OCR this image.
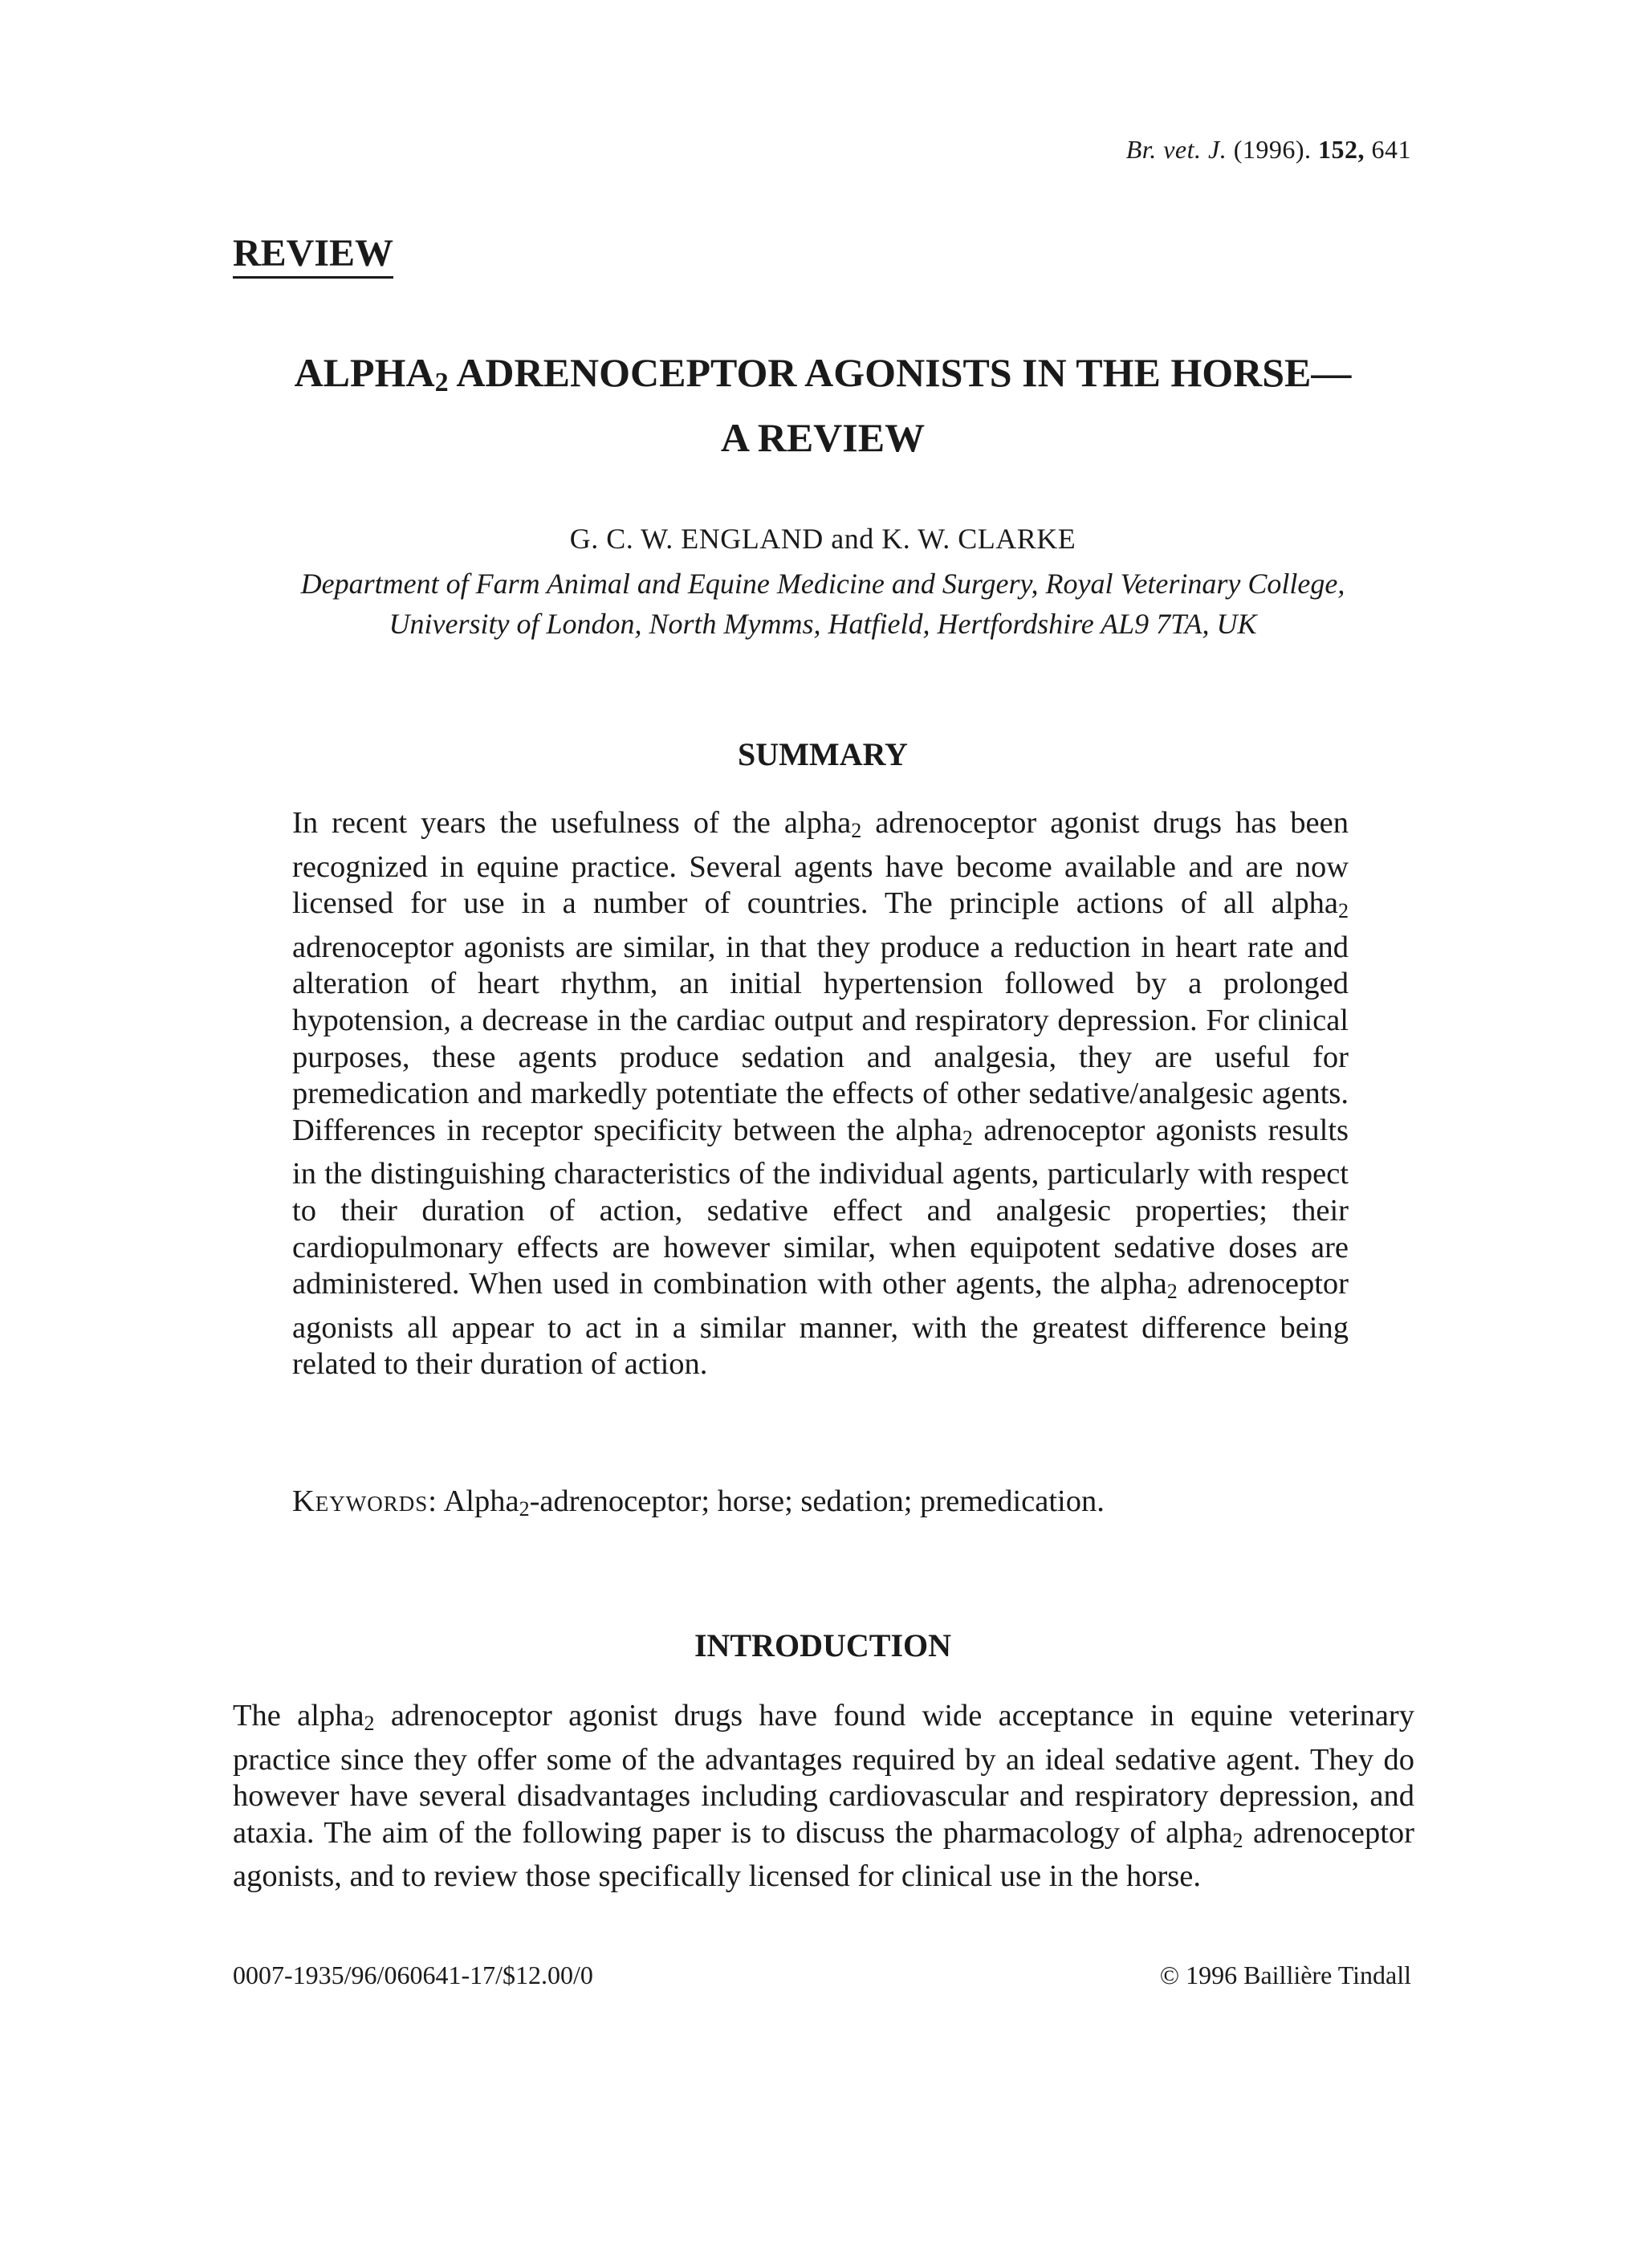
Br. vet. J. (1996). 152, 641
REVIEW
ALPHA2 ADRENOCEPTOR AGONISTS IN THE HORSE—
A REVIEW
G. C. W. ENGLAND and K. W. CLARKE
Department of Farm Animal and Equine Medicine and Surgery, Royal Veterinary College,
University of London, North Mymms, Hatfield, Hertfordshire AL9 7TA, UK
SUMMARY
In recent years the usefulness of the alpha2 adrenoceptor agonist drugs has been recognized in equine practice. Several agents have become available and are now licensed for use in a number of countries. The principle actions of all alpha2 adrenoceptor agonists are similar, in that they produce a reduction in heart rate and alteration of heart rhythm, an initial hypertension followed by a prolonged hypotension, a decrease in the cardiac output and respiratory depression. For clinical purposes, these agents produce sedation and analgesia, they are useful for premedication and markedly potentiate the effects of other sedative/analgesic agents. Differences in receptor specificity between the alpha2 adrenoceptor agonists results in the distinguishing characteristics of the individual agents, particularly with respect to their duration of action, sedative effect and analgesic properties; their cardiopulmonary effects are however similar, when equipotent sedative doses are administered. When used in combination with other agents, the alpha2 adrenoceptor agonists all appear to act in a similar manner, with the greatest difference being related to their duration of action.
Keywords: Alpha2-adrenoceptor; horse; sedation; premedication.
INTRODUCTION
The alpha2 adrenoceptor agonist drugs have found wide acceptance in equine veterinary practice since they offer some of the advantages required by an ideal sedative agent. They do however have several disadvantages including cardiovascular and respiratory depression, and ataxia. The aim of the following paper is to discuss the pharmacology of alpha2 adrenoceptor agonists, and to review those specifically licensed for clinical use in the horse.
0007-1935/96/060641-17/$12.00/0	© 1996 Baillière Tindall
